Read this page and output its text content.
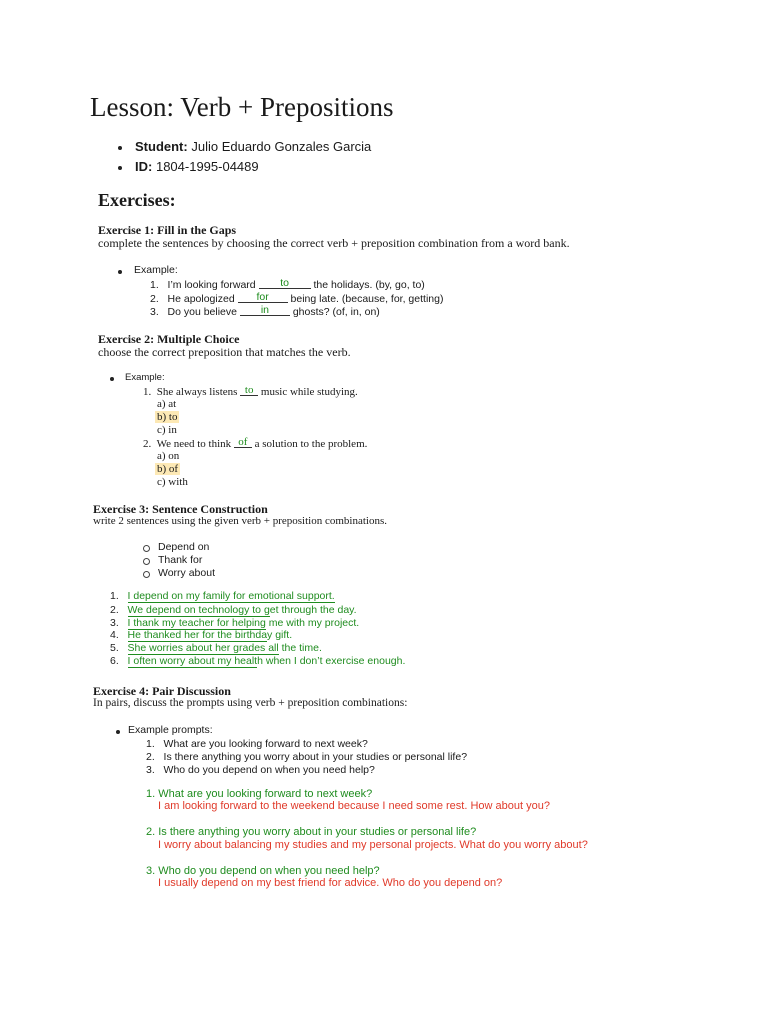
Lesson: Verb + Prepositions
Student: Julio Eduardo Gonzales Garcia
ID: 1804-1995-04489
Exercises:
Exercise 1: Fill in the Gaps
complete the sentences by choosing the correct verb + preposition combination from a word bank.
Example:
1. I’m looking forward to the holidays. (by, go, to)
2. He apologized for being late. (because, for, getting)
3. Do you believe in ghosts? (of, in, on)
Exercise 2: Multiple Choice
choose the correct preposition that matches the verb.
Example:
1. She always listens to music while studying.
a) at
b) to
c) in
2. We need to think of a solution to the problem.
a) on
b) of
c) with
Exercise 3: Sentence Construction
write 2 sentences using the given verb + preposition combinations.
Depend on
Thank for
Worry about
1. I depend on my family for emotional support.
2. We depend on technology to get through the day.
3. I thank my teacher for helping me with my project.
4. He thanked her for the birthday gift.
5. She worries about her grades all the time.
6. I often worry about my health when I don’t exercise enough.
Exercise 4: Pair Discussion
In pairs, discuss the prompts using verb + preposition combinations:
Example prompts:
1. What are you looking forward to next week?
2. Is there anything you worry about in your studies or personal life?
3. Who do you depend on when you need help?
1. What are you looking forward to next week?
I am looking forward to the weekend because I need some rest. How about you?
2. Is there anything you worry about in your studies or personal life?
I worry about balancing my studies and my personal projects. What do you worry about?
3. Who do you depend on when you need help?
I usually depend on my best friend for advice. Who do you depend on?
